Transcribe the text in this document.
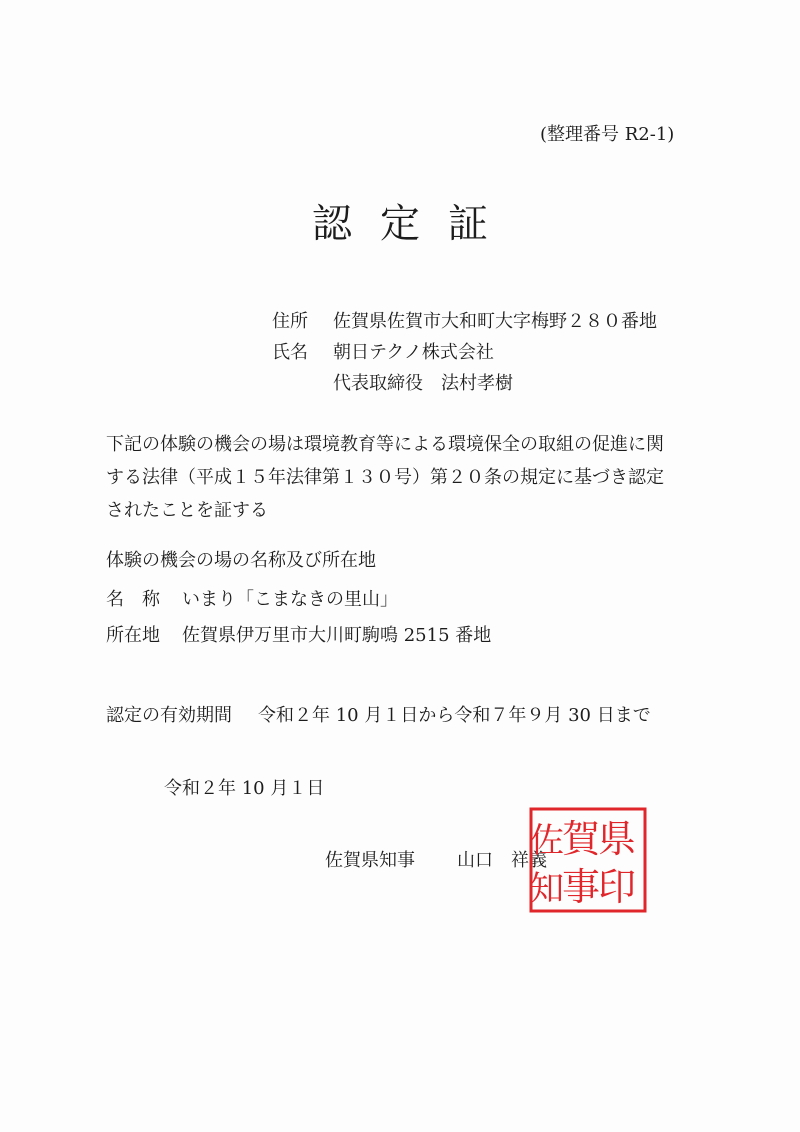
(整理番号 R2-1)
認定証
住所 佐賀県佐賀市大和町大字梅野２８０番地
氏名 朝日テクノ株式会社
代表取締役　法村孝樹
下記の体験の機会の場は環境教育等による環境保全の取組の促進に関
する法律（平成１５年法律第１３０号）第２０条の規定に基づき認定
されたことを証する
体験の機会の場の名称及び所在地
名　称 いまり「こまなきの里山」
所在地 佐賀県伊万里市大川町駒鳴 2515 番地
認定の有効期間 令和２年 10 月１日から令和７年９月 30 日まで
令和２年 10 月１日
佐賀県知事 山口　祥義 県
印
賀
事
佐
知
